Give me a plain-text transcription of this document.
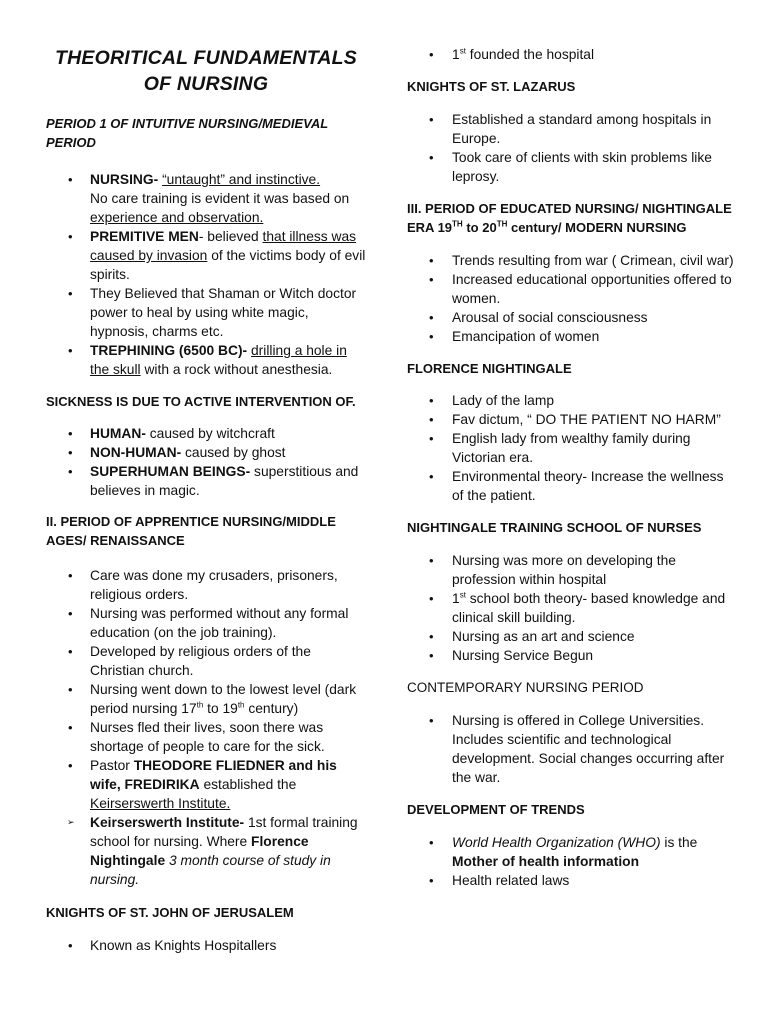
THEORITICAL FUNDAMENTALS
OF NURSING

PERIOD 1 OF INTUITIVE NURSING/MEDIEVAL PERIOD

• NURSING- “untaught” and instinctive.
No care training is evident it was based on
experience and observation.
• PREMITIVE MEN- believed that illness was caused by invasion of the victims body of evil spirits.
• They Believed that Shaman or Witch doctor power to heal by using white magic, hypnosis, charms etc.
• TREPHINING (6500 BC)- drilling a hole in the skull with a rock without anesthesia.

SICKNESS IS DUE TO ACTIVE INTERVENTION OF.

• HUMAN- caused by witchcraft
• NON-HUMAN- caused by ghost
• SUPERHUMAN BEINGS- superstitious and believes in magic.

II. PERIOD OF APPRENTICE NURSING/MIDDLE AGES/ RENAISSANCE

• Care was done my crusaders, prisoners, religious orders.
• Nursing was performed without any formal education (on the job training).
• Developed by religious orders of the Christian church.
• Nursing went down to the lowest level (dark period nursing 17th to 19th century)
• Nurses fled their lives, soon there was shortage of people to care for the sick.
• Pastor THEODORE FLIEDNER and his wife, FREDIRIKA established the Keirserswerth Institute.
➢ Keirserswerth Institute- 1st formal training school for nursing. Where Florence Nightingale 3 month course of study in nursing.

KNIGHTS OF ST. JOHN OF JERUSALEM

• Known as Knights Hospitallers
• 1st founded the hospital

KNIGHTS OF ST. LAZARUS

• Established a standard among hospitals in Europe.
• Took care of clients with skin problems like leprosy.

III. PERIOD OF EDUCATED NURSING/ NIGHTINGALE ERA 19TH to 20TH century/ MODERN NURSING

• Trends resulting from war ( Crimean, civil war)
• Increased educational opportunities offered to women.
• Arousal of social consciousness
• Emancipation of women

FLORENCE NIGHTINGALE

• Lady of the lamp
• Fav dictum, “ DO THE PATIENT NO HARM”
• English lady from wealthy family during Victorian era.
• Environmental theory- Increase the wellness of the patient.

NIGHTINGALE TRAINING SCHOOL OF NURSES

• Nursing was more on developing the profession within hospital
• 1st school both theory- based knowledge and clinical skill building.
• Nursing as an art and science
• Nursing Service Begun

CONTEMPORARY NURSING PERIOD

• Nursing is offered in College Universities. Includes scientific and technological development. Social changes occurring after the war.

DEVELOPMENT OF TRENDS

• World Health Organization (WHO) is the Mother of health information
• Health related laws
